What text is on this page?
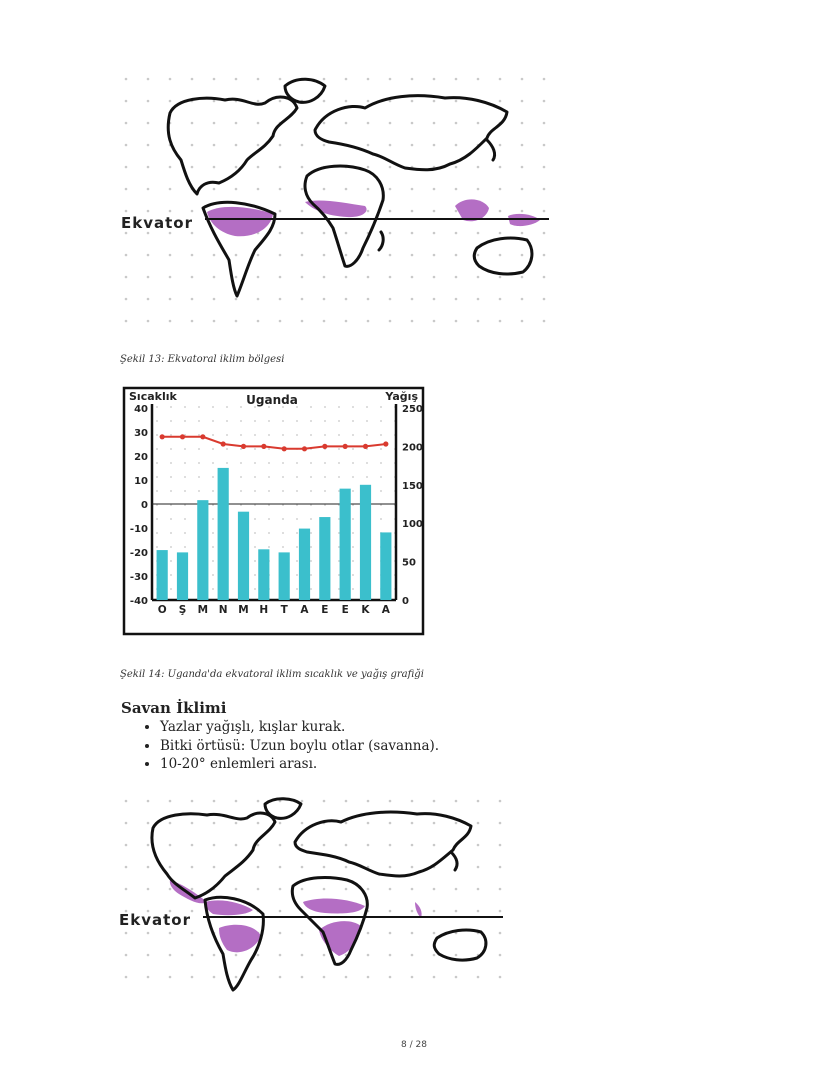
Ekvator
Şekil 13: Ekvatoral iklim bölgesi
Sıcaklık	Uganda	Yağış
40
30
20
10
0
-10
-20
-30
-40
250
200
150
100
50
0
O Ş M N M H T A E E K A
Şekil 14: Uganda'da ekvatoral iklim sıcaklık ve yağış grafiği
Savan İklimi
• Yazlar yağışlı, kışlar kurak.
• Bitki örtüsü: Uzun boylu otlar (savanna).
• 10-20° enlemleri arası.
Ekvator
8 / 28
